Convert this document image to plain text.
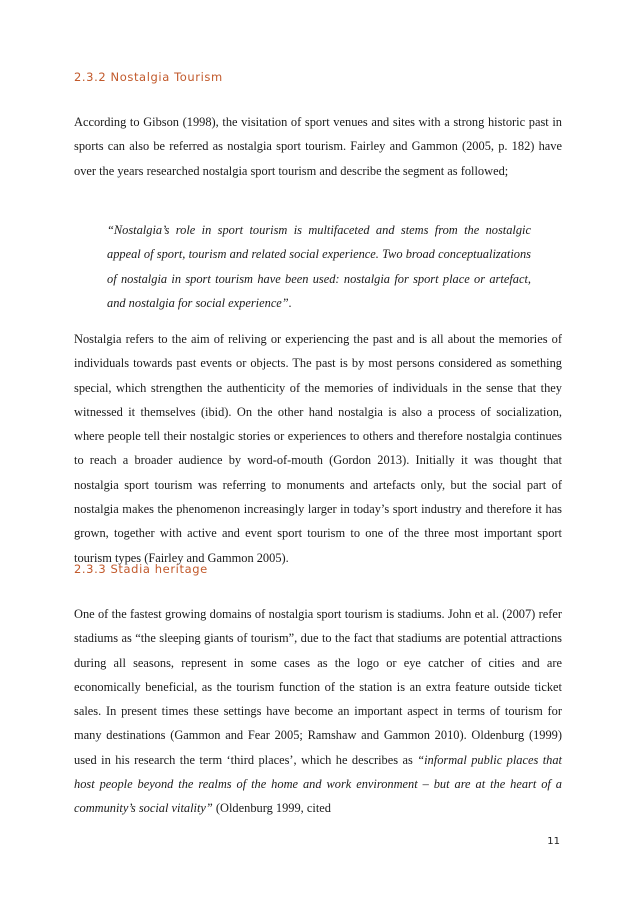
2.3.2 Nostalgia Tourism

According to Gibson (1998), the visitation of sport venues and sites with a strong historic past in sports can also be referred as nostalgia sport tourism. Fairley and Gammon (2005, p. 182) have over the years researched nostalgia sport tourism and describe the segment as followed;

“Nostalgia’s role in sport tourism is multifaceted and stems from the nostalgic appeal of sport, tourism and related social experience. Two broad conceptualizations of nostalgia in sport tourism have been used: nostalgia for sport place or artefact, and nostalgia for social experience”.

Nostalgia refers to the aim of reliving or experiencing the past and is all about the memories of individuals towards past events or objects. The past is by most persons considered as something special, which strengthen the authenticity of the memories of individuals in the sense that they witnessed it themselves (ibid). On the other hand nostalgia is also a process of socialization, where people tell their nostalgic stories or experiences to others and therefore nostalgia continues to reach a broader audience by word-of-mouth (Gordon 2013). Initially it was thought that nostalgia sport tourism was referring to monuments and artefacts only, but the social part of nostalgia makes the phenomenon increasingly larger in today’s sport industry and therefore it has grown, together with active and event sport tourism to one of the three most important sport tourism types (Fairley and Gammon 2005).

2.3.3 Stadia heritage

One of the fastest growing domains of nostalgia sport tourism is stadiums. John et al. (2007) refer stadiums as “the sleeping giants of tourism”, due to the fact that stadiums are potential attractions during all seasons, represent in some cases as the logo or eye catcher of cities and are economically beneficial, as the tourism function of the station is an extra feature outside ticket sales. In present times these settings have become an important aspect in terms of tourism for many destinations (Gammon and Fear 2005; Ramshaw and Gammon 2010). Oldenburg (1999) used in his research the term ‘third places’, which he describes as “informal public places that host people beyond the realms of the home and work environment – but are at the heart of a community’s social vitality” (Oldenburg 1999, cited

11
